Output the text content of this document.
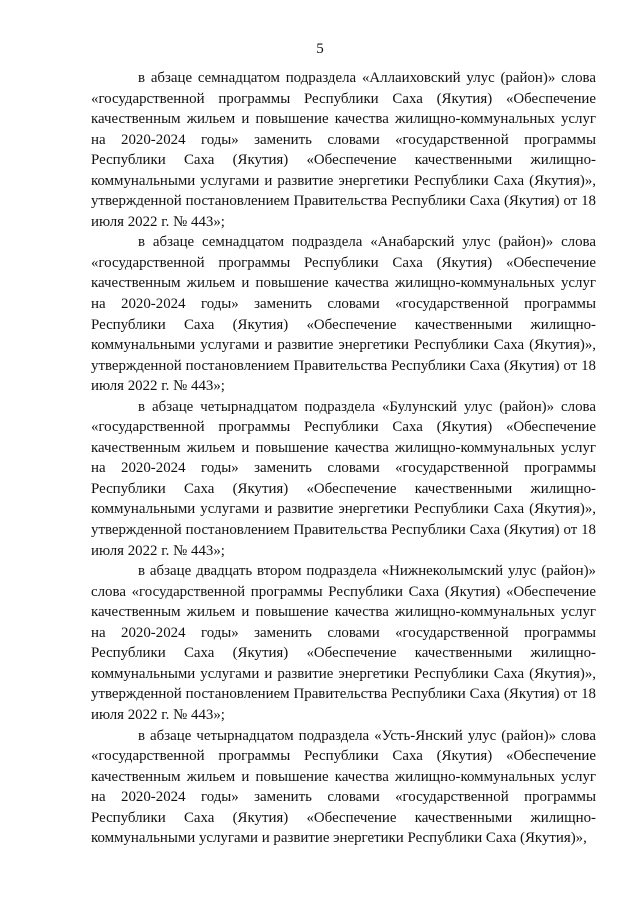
5

в абзаце семнадцатом подраздела «Аллаиховский улус (район)» слова «государственной программы Республики Саха (Якутия) «Обеспечение качественным жильем и повышение качества жилищно-коммунальных услуг на 2020-2024 годы» заменить словами «государственной программы Республики Саха (Якутия) «Обеспечение качественными жилищно-коммунальными услугами и развитие энергетики Республики Саха (Якутия)», утвержденной постановлением Правительства Республики Саха (Якутия) от 18 июля 2022 г. № 443»;

в абзаце семнадцатом подраздела «Анабарский улус (район)» слова «государственной программы Республики Саха (Якутия) «Обеспечение качественным жильем и повышение качества жилищно-коммунальных услуг на 2020-2024 годы» заменить словами «государственной программы Республики Саха (Якутия) «Обеспечение качественными жилищно-коммунальными услугами и развитие энергетики Республики Саха (Якутия)», утвержденной постановлением Правительства Республики Саха (Якутия) от 18 июля 2022 г. № 443»;

в абзаце четырнадцатом подраздела «Булунский улус (район)» слова «государственной программы Республики Саха (Якутия) «Обеспечение качественным жильем и повышение качества жилищно-коммунальных услуг на 2020-2024 годы» заменить словами «государственной программы Республики Саха (Якутия) «Обеспечение качественными жилищно-коммунальными услугами и развитие энергетики Республики Саха (Якутия)», утвержденной постановлением Правительства Республики Саха (Якутия) от 18 июля 2022 г. № 443»;

в абзаце двадцать втором подраздела «Нижнеколымский улус (район)» слова «государственной программы Республики Саха (Якутия) «Обеспечение качественным жильем и повышение качества жилищно-коммунальных услуг на 2020-2024 годы» заменить словами «государственной программы Республики Саха (Якутия) «Обеспечение качественными жилищно-коммунальными услугами и развитие энергетики Республики Саха (Якутия)», утвержденной постановлением Правительства Республики Саха (Якутия) от 18 июля 2022 г. № 443»;

в абзаце четырнадцатом подраздела «Усть-Янский улус (район)» слова «государственной программы Республики Саха (Якутия) «Обеспечение качественным жильем и повышение качества жилищно-коммунальных услуг на 2020-2024 годы» заменить словами «государственной программы Республики Саха (Якутия) «Обеспечение качественными жилищно-коммунальными услугами и развитие энергетики Республики Саха (Якутия)»,
